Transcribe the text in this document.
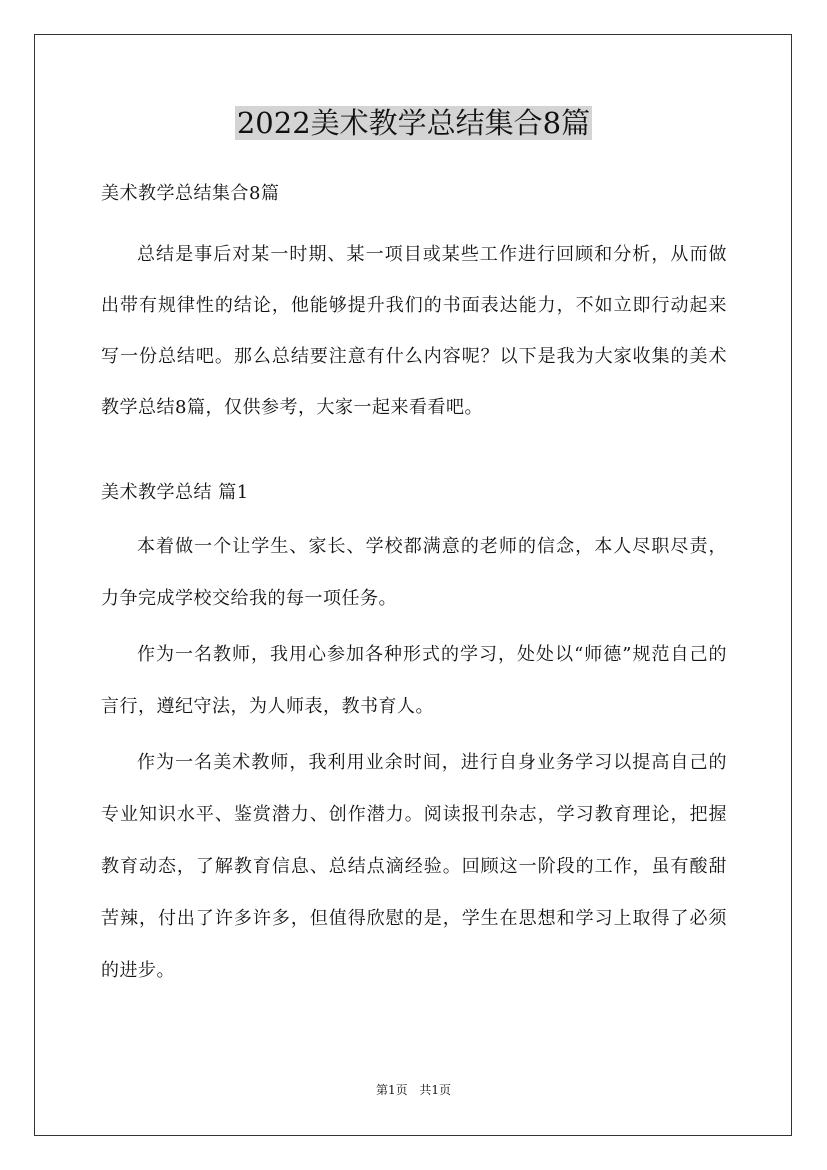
2022美术教学总结集合8篇

美术教学总结集合8篇

总结是事后对某一时期、某一项目或某些工作进行回顾和分析，从而做出带有规律性的结论，他能够提升我们的书面表达能力，不如立即行动起来写一份总结吧。那么总结要注意有什么内容呢？以下是我为大家收集的美术教学总结8篇，仅供参考，大家一起来看看吧。

美术教学总结 篇1

本着做一个让学生、家长、学校都满意的老师的信念，本人尽职尽责，力争完成学校交给我的每一项任务。

作为一名教师，我用心参加各种形式的学习，处处以“师德”规范自己的言行，遵纪守法，为人师表，教书育人。

作为一名美术教师，我利用业余时间，进行自身业务学习以提高自己的专业知识水平、鉴赏潜力、创作潜力。阅读报刊杂志，学习教育理论，把握教育动态，了解教育信息、总结点滴经验。回顾这一阶段的工作，虽有酸甜苦辣，付出了许多许多，但值得欣慰的是，学生在思想和学习上取得了必须的进步。

第1页 共1页
